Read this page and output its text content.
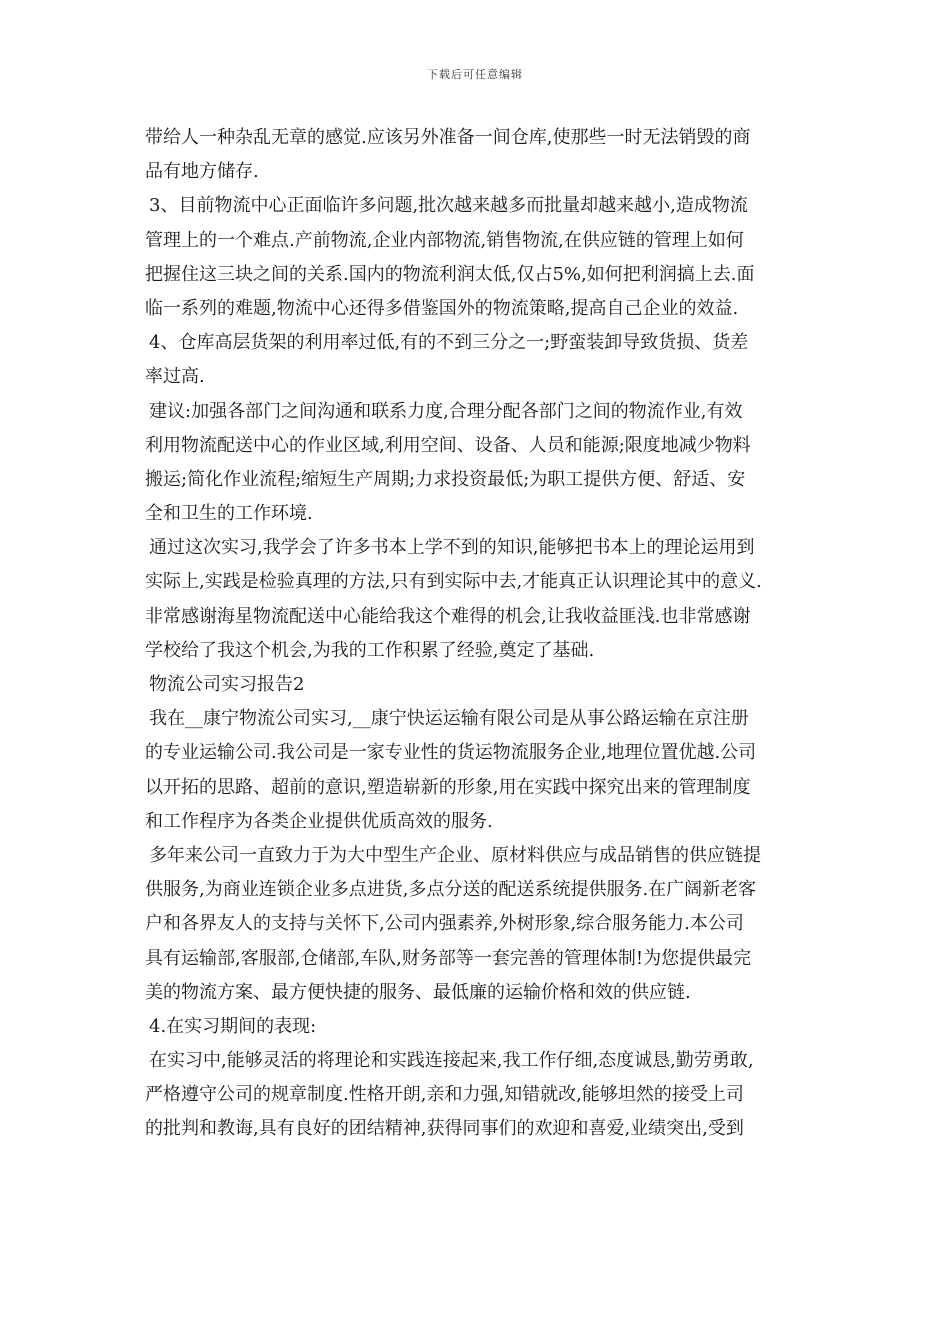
下载后可任意编辑
带给人一种杂乱无章的感觉.应该另外准备一间仓库,使那些一时无法销毁的商
品有地方储存.
3、目前物流中心正面临许多问题,批次越来越多而批量却越来越小,造成物流
管理上的一个难点.产前物流,企业内部物流,销售物流,在供应链的管理上如何
把握住这三块之间的关系.国内的物流利润太低,仅占5%,如何把利润搞上去.面
临一系列的难题,物流中心还得多借鉴国外的物流策略,提高自己企业的效益.
4、仓库高层货架的利用率过低,有的不到三分之一;野蛮装卸导致货损、货差
率过高.
建议:加强各部门之间沟通和联系力度,合理分配各部门之间的物流作业,有效
利用物流配送中心的作业区域,利用空间、设备、人员和能源;限度地减少物料
搬运;简化作业流程;缩短生产周期;力求投资最低;为职工提供方便、舒适、安
全和卫生的工作环境.
通过这次实习,我学会了许多书本上学不到的知识,能够把书本上的理论运用到
实际上,实践是检验真理的方法,只有到实际中去,才能真正认识理论其中的意义.
非常感谢海星物流配送中心能给我这个难得的机会,让我收益匪浅.也非常感谢
学校给了我这个机会,为我的工作积累了经验,奠定了基础.
物流公司实习报告2
我在__康宁物流公司实习,__康宁快运运输有限公司是从事公路运输在京注册
的专业运输公司.我公司是一家专业性的货运物流服务企业,地理位置优越.公司
以开拓的思路、超前的意识,塑造崭新的形象,用在实践中探究出来的管理制度
和工作程序为各类企业提供优质高效的服务.
多年来公司一直致力于为大中型生产企业、原材料供应与成品销售的供应链提
供服务,为商业连锁企业多点进货,多点分送的配送系统提供服务.在广阔新老客
户和各界友人的支持与关怀下,公司内强素养,外树形象,综合服务能力.本公司
具有运输部,客服部,仓储部,车队,财务部等一套完善的管理体制!为您提供最完
美的物流方案、最方便快捷的服务、最低廉的运输价格和效的供应链.
4.在实习期间的表现:
在实习中,能够灵活的将理论和实践连接起来,我工作仔细,态度诚恳,勤劳勇敢,
严格遵守公司的规章制度.性格开朗,亲和力强,知错就改,能够坦然的接受上司
的批判和教诲,具有良好的团结精神,获得同事们的欢迎和喜爱,业绩突出,受到
